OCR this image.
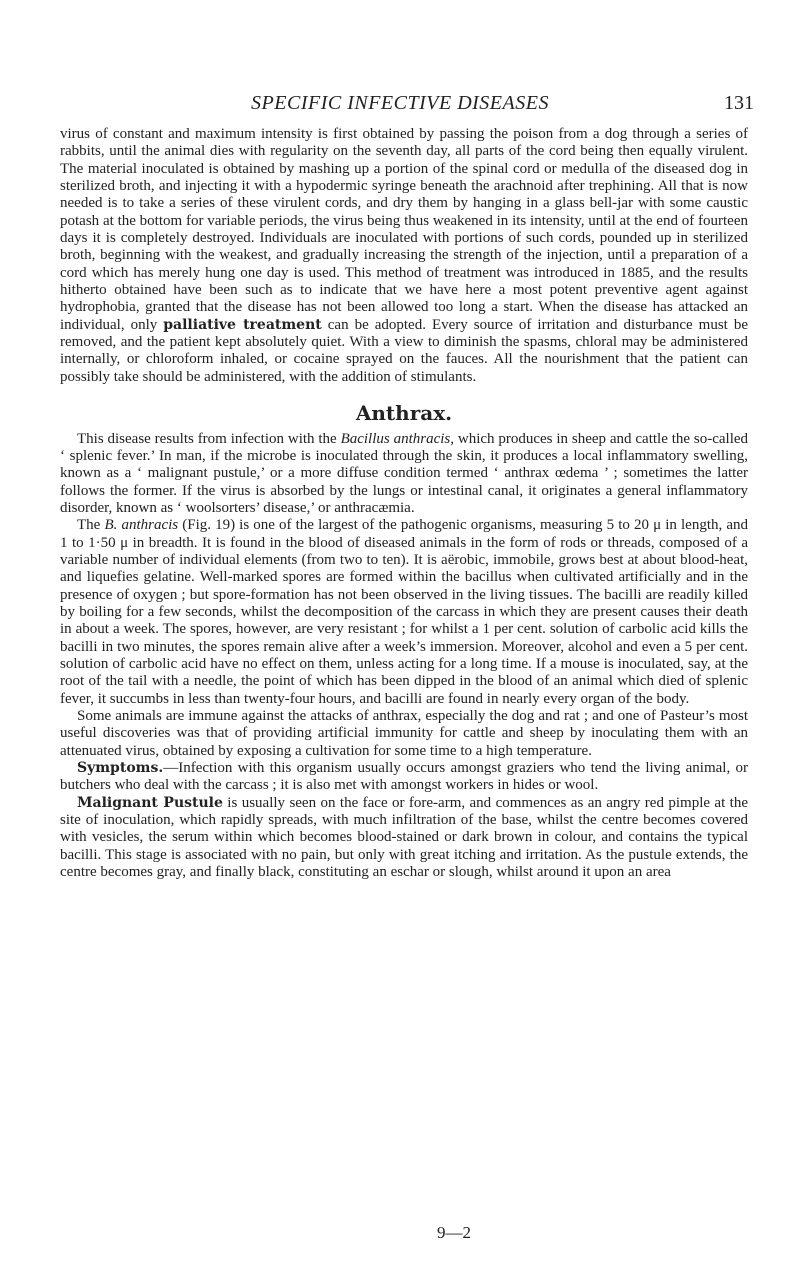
SPECIFIC INFECTIVE DISEASES	131

virus of constant and maximum intensity is first obtained by passing the poison from a dog through a series of rabbits, until the animal dies with regularity on the seventh day, all parts of the cord being then equally virulent. The material inoculated is obtained by mashing up a portion of the spinal cord or medulla of the diseased dog in sterilized broth, and injecting it with a hypodermic syringe beneath the arachnoid after trephining. All that is now needed is to take a series of these virulent cords, and dry them by hanging in a glass bell-jar with some caustic potash at the bottom for variable periods, the virus being thus weakened in its intensity, until at the end of fourteen days it is completely destroyed. Individuals are inoculated with portions of such cords, pounded up in sterilized broth, beginning with the weakest, and gradually increasing the strength of the injection, until a preparation of a cord which has merely hung one day is used. This method of treatment was introduced in 1885, and the results hitherto obtained have been such as to indicate that we have here a most potent preventive agent against hydrophobia, granted that the disease has not been allowed too long a start. When the disease has attacked an individual, only palliative treatment can be adopted. Every source of irritation and disturbance must be removed, and the patient kept absolutely quiet. With a view to diminish the spasms, chloral may be administered internally, or chloroform inhaled, or cocaine sprayed on the fauces. All the nourishment that the patient can possibly take should be administered, with the addition of stimulants.

Anthrax.

This disease results from infection with the Bacillus anthracis, which produces in sheep and cattle the so-called ‘ splenic fever.’ In man, if the microbe is inoculated through the skin, it produces a local inflammatory swelling, known as a ‘ malignant pustule,’ or a more diffuse condition termed ‘ anthrax œdema ’ ; sometimes the latter follows the former. If the virus is absorbed by the lungs or intestinal canal, it originates a general inflammatory disorder, known as ‘ woolsorters’ disease,’ or anthracæmia.

The B. anthracis (Fig. 19) is one of the largest of the pathogenic organisms, measuring 5 to 20 μ in length, and 1 to 1·50 μ in breadth. It is found in the blood of diseased animals in the form of rods or threads, composed of a variable number of individual elements (from two to ten). It is aërobic, immobile, grows best at about blood-heat, and liquefies gelatine. Well-marked spores are formed within the bacillus when cultivated artificially and in the presence of oxygen ; but spore-formation has not been observed in the living tissues. The bacilli are readily killed by boiling for a few seconds, whilst the decomposition of the carcass in which they are present causes their death in about a week. The spores, however, are very resistant ; for whilst a 1 per cent. solution of carbolic acid kills the bacilli in two minutes, the spores remain alive after a week’s immersion. Moreover, alcohol and even a 5 per cent. solution of carbolic acid have no effect on them, unless acting for a long time. If a mouse is inoculated, say, at the root of the tail with a needle, the point of which has been dipped in the blood of an animal which died of splenic fever, it succumbs in less than twenty-four hours, and bacilli are found in nearly every organ of the body.

Some animals are immune against the attacks of anthrax, especially the dog and rat ; and one of Pasteur’s most useful discoveries was that of providing artificial immunity for cattle and sheep by inoculating them with an attenuated virus, obtained by exposing a cultivation for some time to a high temperature.

Symptoms.—Infection with this organism usually occurs amongst graziers who tend the living animal, or butchers who deal with the carcass ; it is also met with amongst workers in hides or wool.

Malignant Pustule is usually seen on the face or fore-arm, and commences as an angry red pimple at the site of inoculation, which rapidly spreads, with much infiltration of the base, whilst the centre becomes covered with vesicles, the serum within which becomes blood-stained or dark brown in colour, and contains the typical bacilli. This stage is associated with no pain, but only with great itching and irritation. As the pustule extends, the centre becomes gray, and finally black, constituting an eschar or slough, whilst around it upon an area

9—2
